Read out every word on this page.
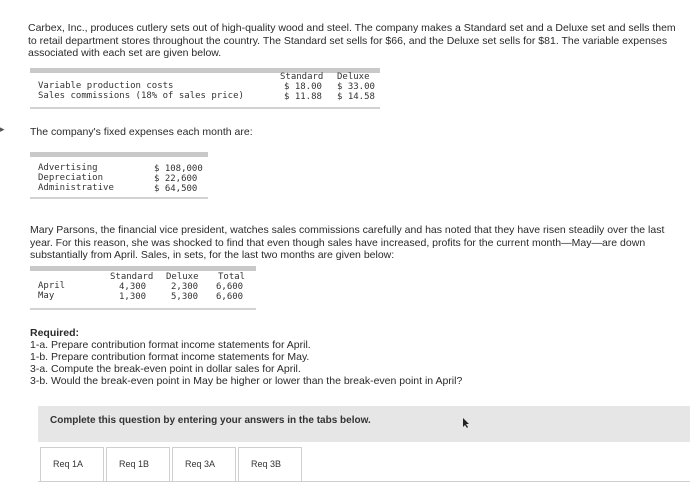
Carbex, Inc., produces cutlery sets out of high-quality wood and steel. The company makes a Standard set and a Deluxe set and sells them to retail department stores throughout the country. The Standard set sells for $66, and the Deluxe set sells for $81. The variable expenses associated with each set are given below.
Standard Deluxe
Variable production costs	$ 18.00 $ 33.00
Sales commissions (18% of sales price)	$ 11.88 $ 14.58
▸ The company's fixed expenses each month are:
Advertising	$ 108,000
Depreciation	$ 22,600
Administrative	$ 64,500
Mary Parsons, the financial vice president, watches sales commissions carefully and has noted that they have risen steadily over the last year. For this reason, she was shocked to find that even though sales have increased, profits for the current month—May—are down substantially from April. Sales, in sets, for the last two months are given below:
Standard Deluxe Total
April	4,300	2,300 6,600
May	1,300	5,300 6,600
Required:
1-a. Prepare contribution format income statements for April.
1-b. Prepare contribution format income statements for May.
3-a. Compute the break-even point in dollar sales for April.
3-b. Would the break-even point in May be higher or lower than the break-even point in April?
Complete this question by entering your answers in the tabs below.
Req 1A	Req 1B	Req 3A	Req 3B
